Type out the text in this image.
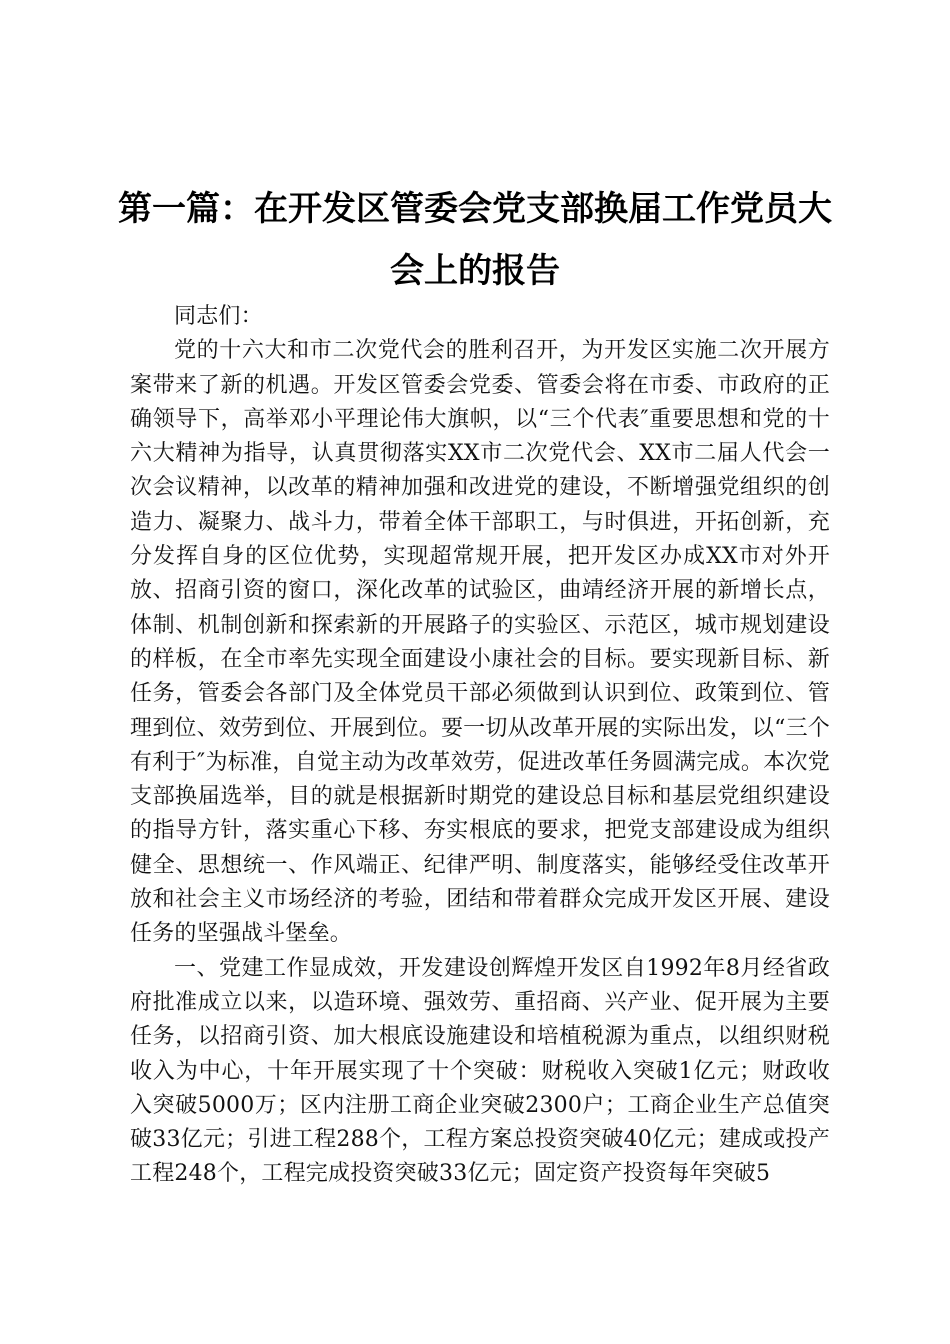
第一篇：在开发区管委会党支部换届工作党员大会上的报告

同志们：

党的十六大和市二次党代会的胜利召开，为开发区实施二次开展方案带来了新的机遇。开发区管委会党委、管委会将在市委、市政府的正确领导下，高举邓小平理论伟大旗帜，以“三个代表″重要思想和党的十六大精神为指导，认真贯彻落实XX市二次党代会、XX市二届人代会一次会议精神，以改革的精神加强和改进党的建设，不断增强党组织的创造力、凝聚力、战斗力，带着全体干部职工，与时俱进，开拓创新，充分发挥自身的区位优势，实现超常规开展，把开发区办成XX市对外开放、招商引资的窗口，深化改革的试验区，曲靖经济开展的新增长点，体制、机制创新和探索新的开展路子的实验区、示范区，城市规划建设的样板，在全市率先实现全面建设小康社会的目标。要实现新目标、新任务，管委会各部门及全体党员干部必须做到认识到位、政策到位、管理到位、效劳到位、开展到位。要一切从改革开展的实际出发，以“三个有利于″为标准，自觉主动为改革效劳，促进改革任务圆满完成。本次党支部换届选举，目的就是根据新时期党的建设总目标和基层党组织建设的指导方针，落实重心下移、夯实根底的要求，把党支部建设成为组织健全、思想统一、作风端正、纪律严明、制度落实，能够经受住改革开放和社会主义市场经济的考验，团结和带着群众完成开发区开展、建设任务的坚强战斗堡垒。

一、党建工作显成效，开发建设创辉煌开发区自1992年8月经省政府批准成立以来，以造环境、强效劳、重招商、兴产业、促开展为主要任务，以招商引资、加大根底设施建设和培植税源为重点，以组织财税收入为中心，十年开展实现了十个突破：财税收入突破1亿元；财政收入突破5000万；区内注册工商企业突破2300户；工商企业生产总值突破33亿元；引进工程288个，工程方案总投资突破40亿元；建成或投产工程248个，工程完成投资突破33亿元；固定资产投资每年突破5
